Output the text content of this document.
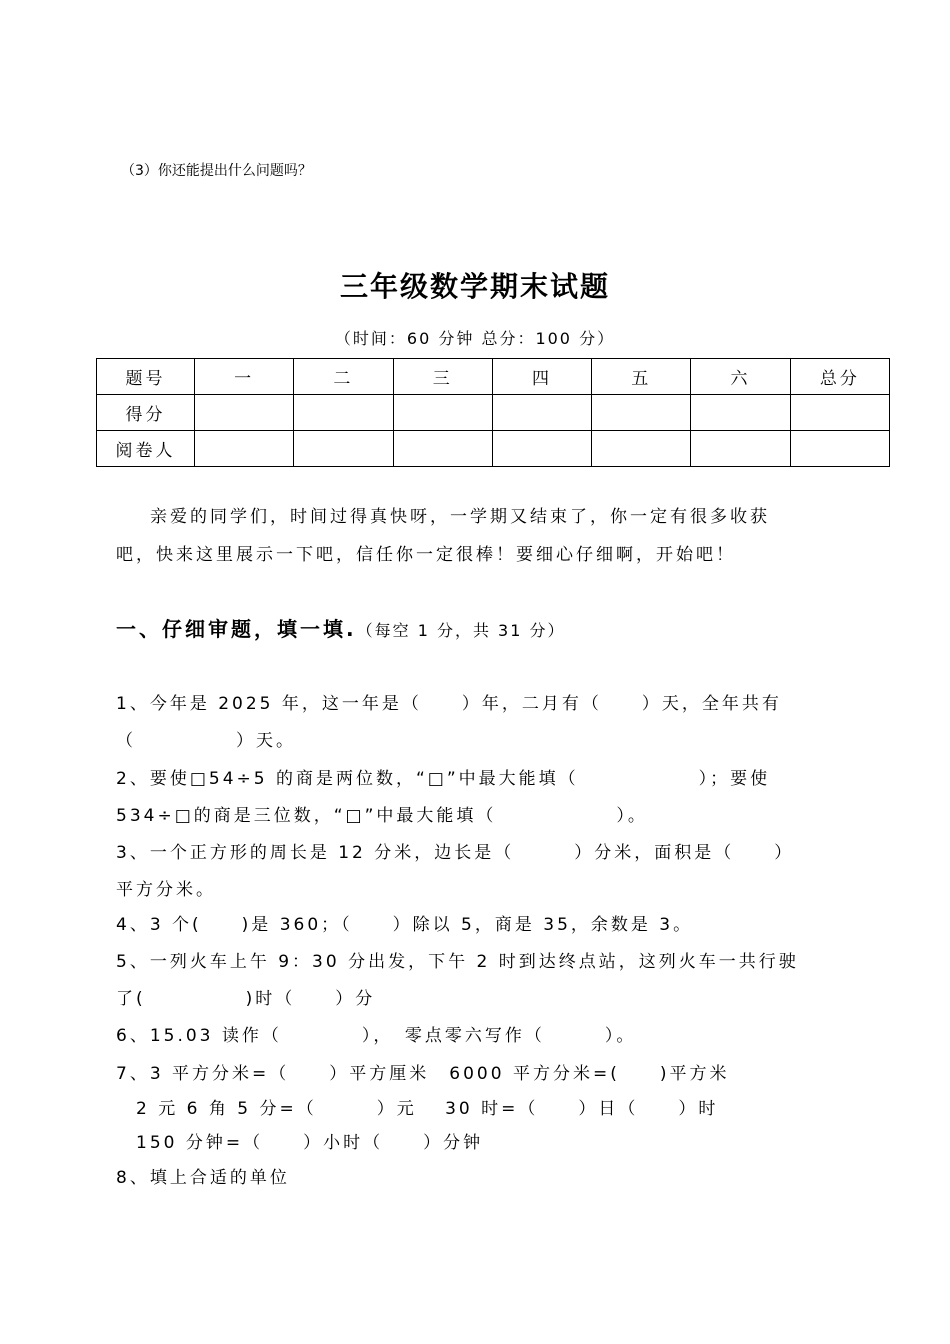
（3）你还能提出什么问题吗？
三年级数学期末试题
（时间：60 分钟 总分：100 分）
题号	一	二	三	四	五	六	总分
得分							
阅卷人							

亲爱的同学们，时间过得真快呀，一学期又结束了，你一定有很多收获

吧，快来这里展示一下吧，信任你一定很棒！要细心仔细啊，开始吧！

一、仔细审题，填一填.（每空 1 分，共 31 分）
1、今年是 2025 年，这一年是（　　）年，二月有（　　）天，全年共有
（　　　　　）天。
2、要使□54÷5 的商是两位数，“□”中最大能填（　　　　　　）；要使
534÷□的商是三位数，“□”中最大能填（　　　　　　）。
3、一个正方形的周长是 12 分米，边长是（　　　）分米，面积是（　　）
平方分米。
4、3 个(　　)是 360；（　　）除以 5，商是 35，余数是 3。
5、一列火车上午 9：30 分出发，下午 2 时到达终点站，这列火车一共行驶
了(　　　　　)时（　　）分
6、15.03 读作（　　　　），　零点零六写作（　　　）。
7、3 平方分米=（　　）平方厘米　6000 平方分米=(　　)平方米
　2 元 6 角 5 分=（　　　）元　 30 时=（　　）日（　　）时
　150 分钟=（　　）小时（　　）分钟
8、填上合适的单位
